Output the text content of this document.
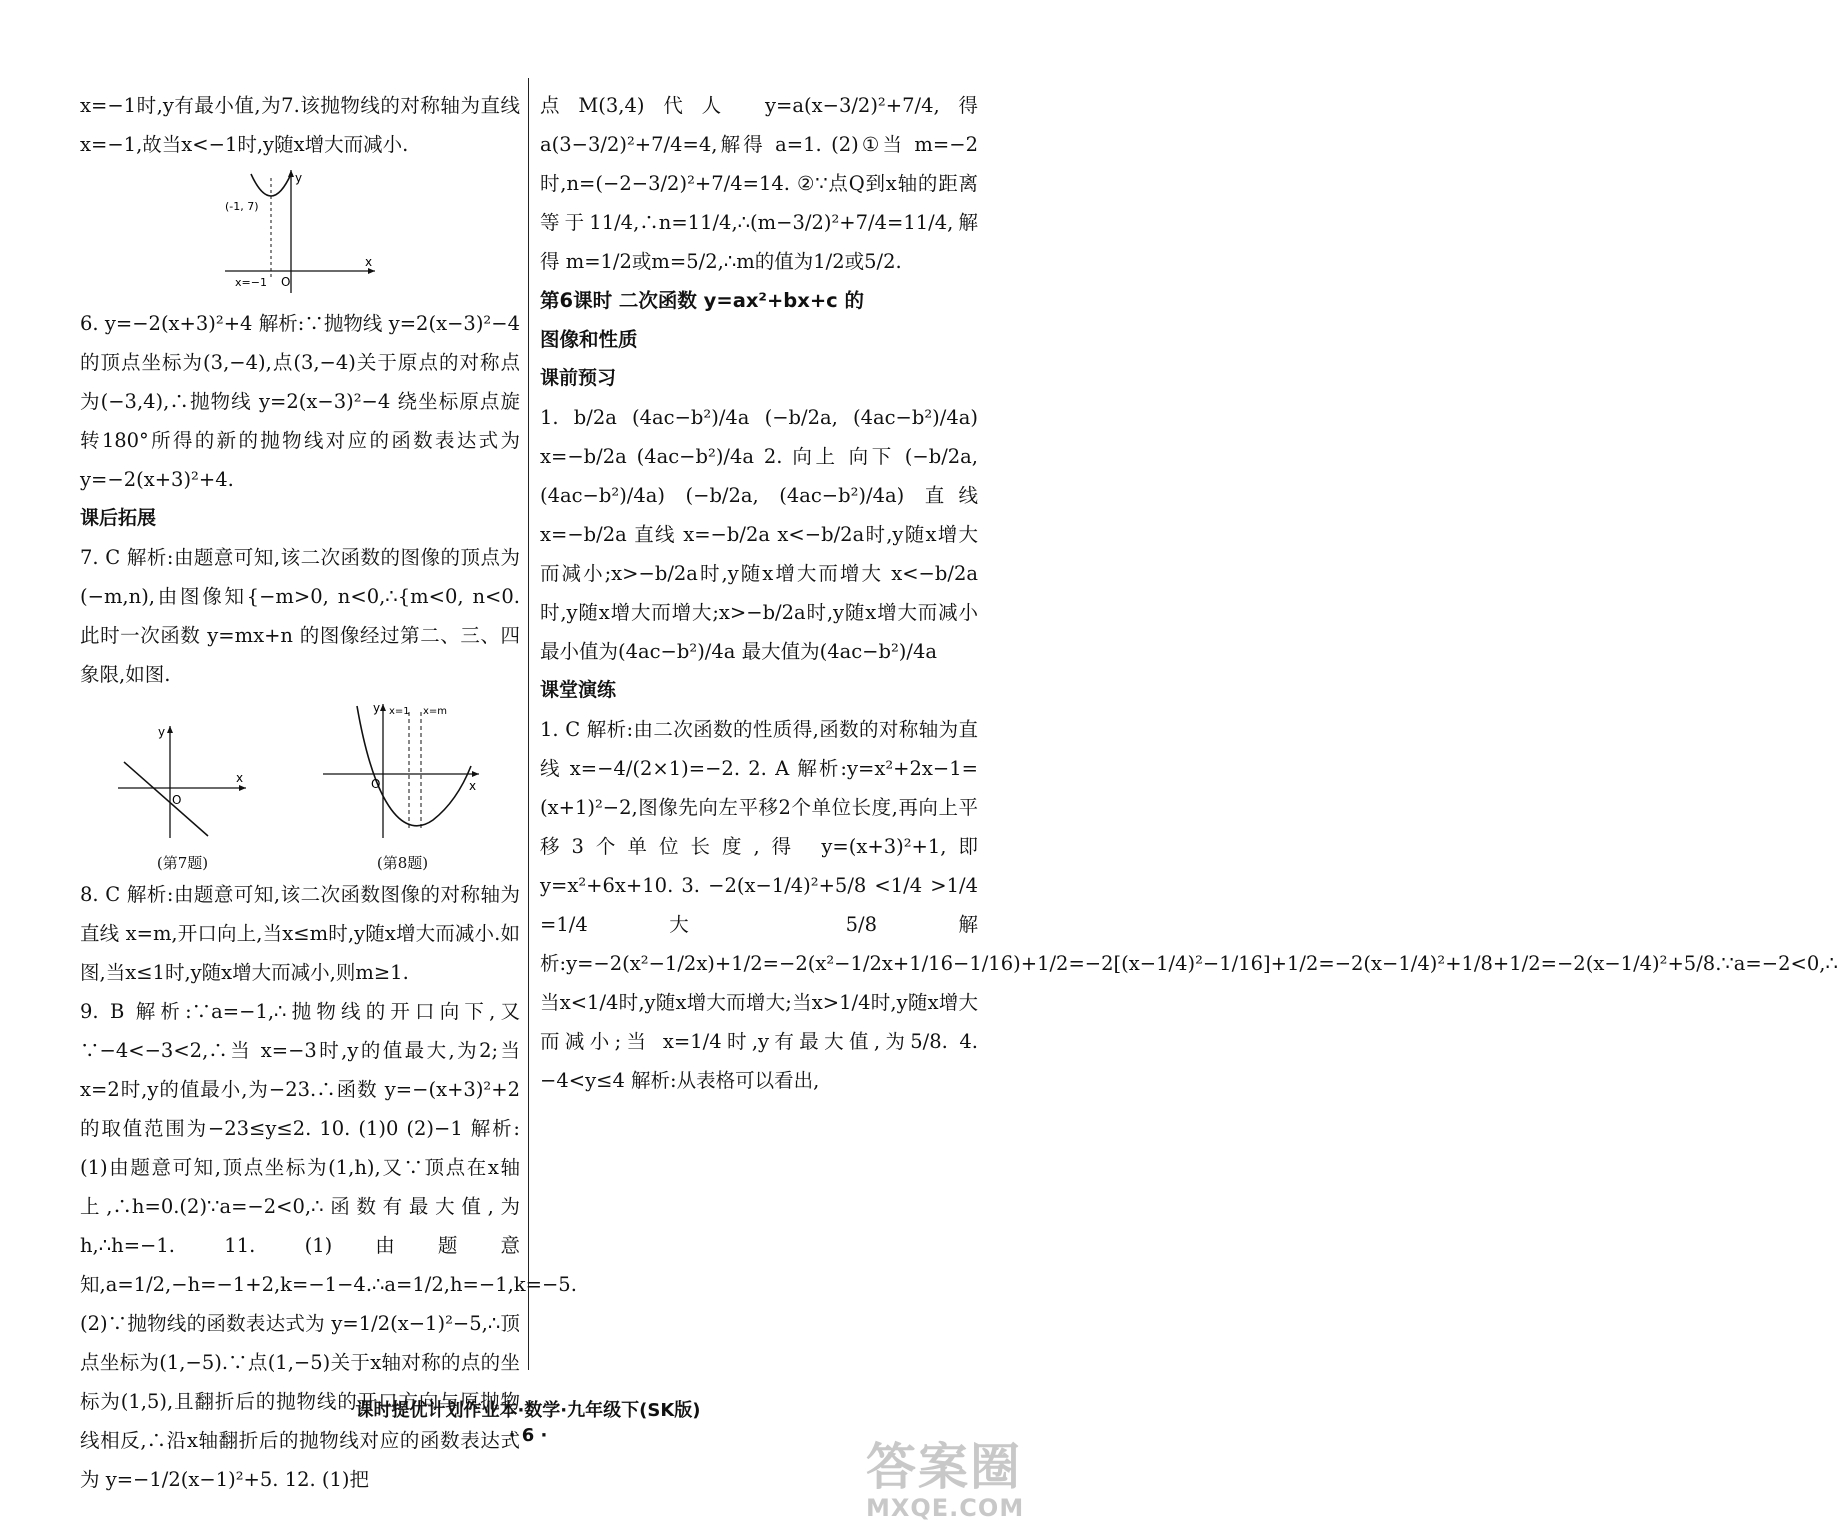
x=−1时,y有最小值,为7.该抛物线的对称轴为直线 x=−1,故当x<−1时,y随x增大而减小.

y
x
O
(-1, 7)
x=−1

6. y=−2(x+3)²+4 解析:∵抛物线 y=2(x−3)²−4 的顶点坐标为(3,−4),点(3,−4)关于原点的对称点为(−3,4),∴抛物线 y=2(x−3)²−4 绕坐标原点旋转180°所得的新的抛物线对应的函数表达式为 y=−2(x+3)²+4.

课后拓展

7. C 解析:由题意可知,该二次函数的图像的顶点为(−m,n),由图像知{−m>0, n<0,∴{m<0, n<0.此时一次函数 y=mx+n 的图像经过第二、三、四象限,如图.

y
x
O
(第7题)
y
x
O
x=1 x=m
(第8题)

8. C 解析:由题意可知,该二次函数图像的对称轴为直线 x=m,开口向上,当x≤m时,y随x增大而减小.如图,当x≤1时,y随x增大而减小,则m≥1.

9. B 解析:∵a=−1,∴抛物线的开口向下,又∵−4<−3<2,∴当 x=−3时,y的值最大,为2;当x=2时,y的值最小,为−23.∴函数 y=−(x+3)²+2 的取值范围为−23≤y≤2. 10. (1)0 (2)−1 解析:(1)由题意可知,顶点坐标为(1,h),又∵顶点在x轴上,∴h=0.(2)∵a=−2<0,∴函数有最大值,为h,∴h=−1. 11. (1)由题意知,a=1/2,−h=−1+2,k=−1−4.∴a=1/2,h=−1,k=−5.

(2)∵抛物线的函数表达式为 y=1/2(x−1)²−5,∴顶点坐标为(1,−5).∵点(1,−5)关于x轴对称的点的坐标为(1,5),且翻折后的抛物线的开口方向与原抛物线相反,∴沿x轴翻折后的抛物线对应的函数表达式为 y=−1/2(x−1)²+5. 12. (1)把

点M(3,4)代人 y=a(x−3/2)²+7/4,得a(3−3/2)²+7/4=4,解得 a=1. (2)①当 m=−2时,n=(−2−3/2)²+7/4=14. ②∵点Q到x轴的距离等于11/4,∴n=11/4,∴(m−3/2)²+7/4=11/4,解得 m=1/2或m=5/2,∴m的值为1/2或5/2.

第6课时 二次函数 y=ax²+bx+c 的

图像和性质

课前预习

1. b/2a (4ac−b²)/4a (−b/2a, (4ac−b²)/4a) x=−b/2a (4ac−b²)/4a 2. 向上 向下 (−b/2a, (4ac−b²)/4a) (−b/2a, (4ac−b²)/4a) 直线 x=−b/2a 直线 x=−b/2a x<−b/2a时,y随x增大而减小;x>−b/2a时,y随x增大而增大 x<−b/2a时,y随x增大而增大;x>−b/2a时,y随x增大而减小 最小值为(4ac−b²)/4a 最大值为(4ac−b²)/4a

课堂演练

1. C 解析:由二次函数的性质得,函数的对称轴为直线 x=−4/(2×1)=−2. 2. A 解析:y=x²+2x−1=(x+1)²−2,图像先向左平移2个单位长度,再向上平移3个单位长度,得 y=(x+3)²+1,即 y=x²+6x+10. 3. −2(x−1/4)²+5/8 <1/4 >1/4 =1/4 大 5/8 解析:y=−2(x²−1/2x)+1/2=−2(x²−1/2x+1/16−1/16)+1/2=−2[(x−1/4)²−1/16]+1/2=−2(x−1/4)²+1/8+1/2=−2(x−1/4)²+5/8.∵a=−2<0,∴当x<1/4时,y随x增大而增大;当x>1/4时,y随x增大而减小;当 x=1/4时,y有最大值,为5/8. 4. −4<y≤4 解析:从表格可以看出,

课时提优计划作业本·数学·九年级下(SK版)
· 6 ·
答案圈
MXQE.COM
